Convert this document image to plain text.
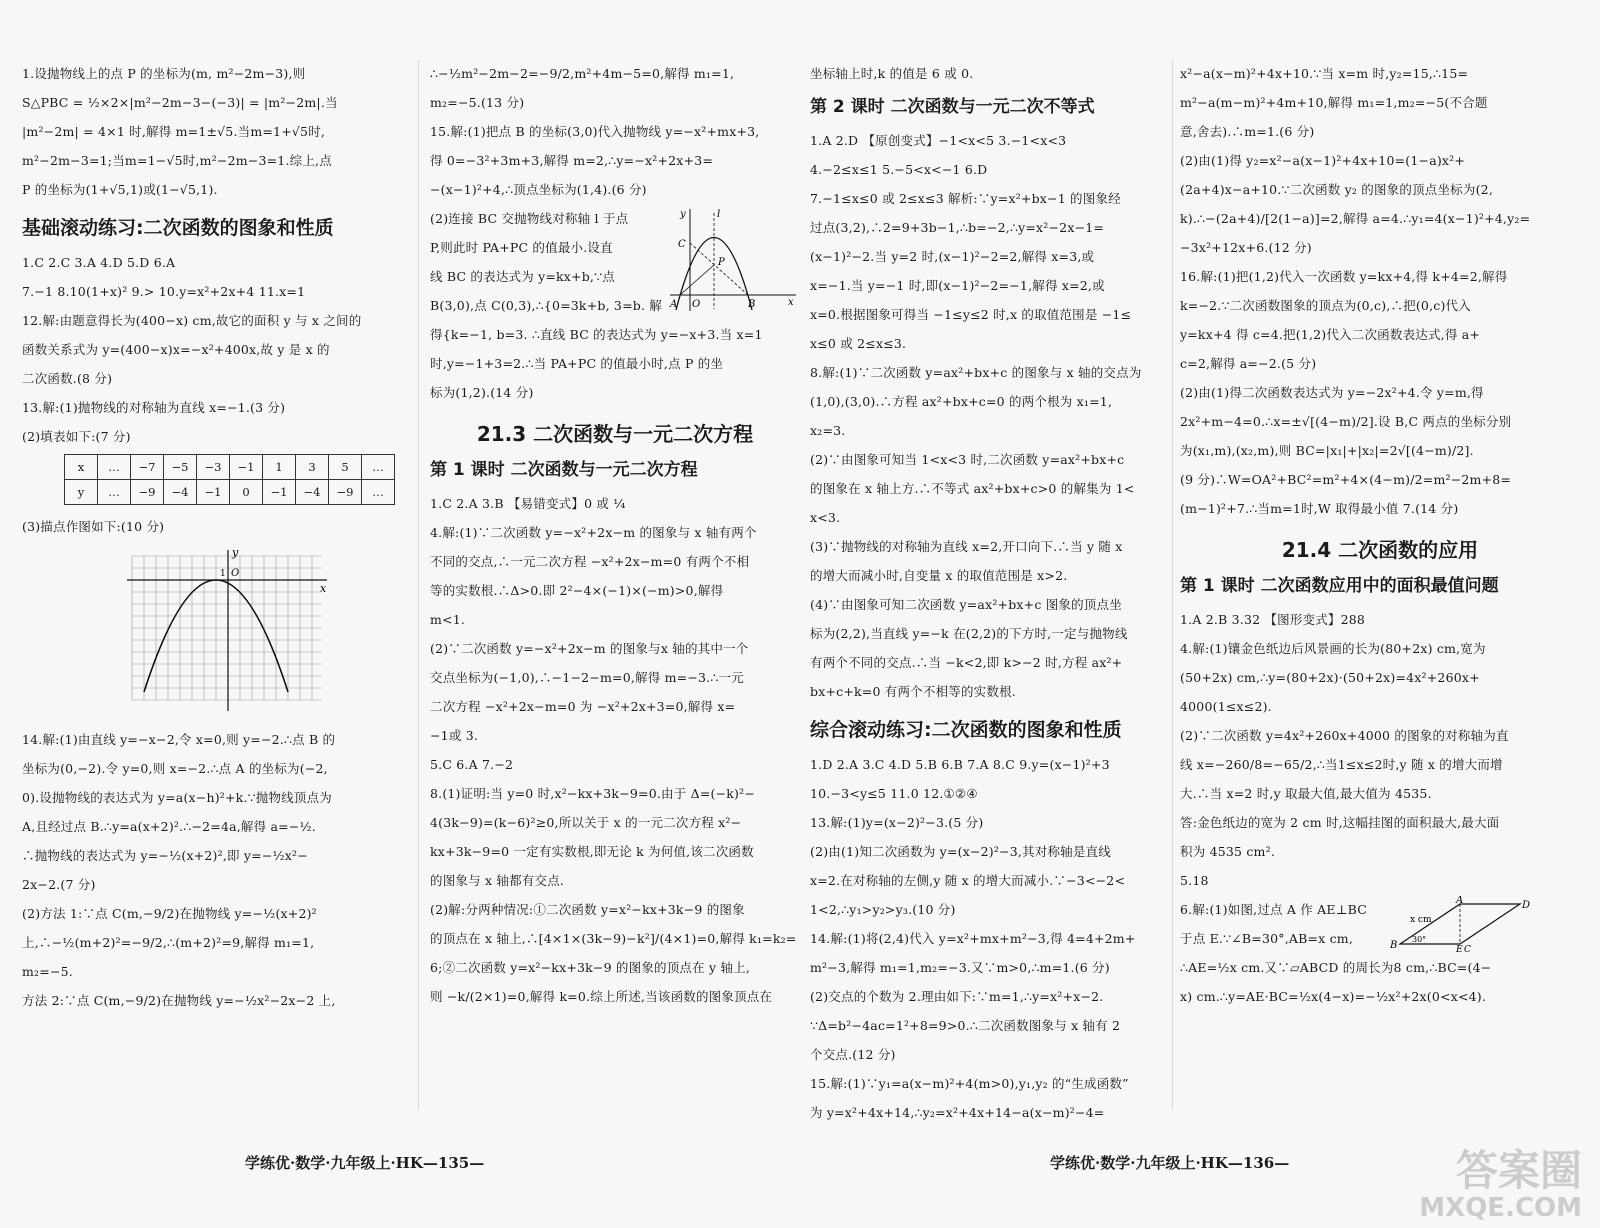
1.设抛物线上的点 P 的坐标为(m, m²−2m−3),则

S△PBC = ½×2×|m²−2m−3−(−3)| = |m²−2m|.当

|m²−2m| = 4×1 时,解得 m=1±√5.当m=1+√5时,

m²−2m−3=1;当m=1−√5时,m²−2m−3=1.综上,点

P 的坐标为(1+√5,1)或(1−√5,1).

基础滚动练习:二次函数的图象和性质

1.C 2.C 3.A 4.D 5.D 6.A

7.−1 8.10(1+x)² 9.> 10.y=x²+2x+4 11.x=1

12.解:由题意得长为(400−x) cm,故它的面积 y 与 x 之间的

函数关系式为 y=(400−x)x=−x²+400x,故 y 是 x 的

二次函数.(8 分)

13.解:(1)抛物线的对称轴为直线 x=−1.(3 分)

(2)填表如下:(7 分)

x	…	−7	−5	−3	−1	1	3	5	…
y	…	−9	−4	−1	0	−1	−4	−9	…

(3)描点作图如下:(10 分)

y
x
O
1

14.解:(1)由直线 y=−x−2,令 x=0,则 y=−2.∴点 B 的

坐标为(0,−2).令 y=0,则 x=−2.∴点 A 的坐标为(−2,

0).设抛物线的表达式为 y=a(x−h)²+k.∵抛物线顶点为

A,且经过点 B.∴y=a(x+2)².∴−2=4a,解得 a=−½.

∴抛物线的表达式为 y=−½(x+2)²,即 y=−½x²−

2x−2.(7 分)

(2)方法 1:∵点 C(m,−9/2)在抛物线 y=−½(x+2)²

上,∴−½(m+2)²=−9/2,∴(m+2)²=9,解得 m₁=1,

m₂=−5.

方法 2:∵点 C(m,−9/2)在抛物线 y=−½x²−2x−2 上,

∴−½m²−2m−2=−9/2,m²+4m−5=0,解得 m₁=1,

m₂=−5.(13 分)

15.解:(1)把点 B 的坐标(3,0)代入抛物线 y=−x²+mx+3,

得 0=−3²+3m+3,解得 m=2,∴y=−x²+2x+3=

−(x−1)²+4,∴顶点坐标为(1,4).(6 分)

(2)连接 BC 交抛物线对称轴 l 于点

P,则此时 PA+PC 的值最小.设直

线 BC 的表达式为 y=kx+b,∵点

B(3,0),点 C(0,3),∴{0=3k+b, 3=b. 解

y	l
C
P
A O	B	x

得{k=−1, b=3. ∴直线 BC 的表达式为 y=−x+3.当 x=1

时,y=−1+3=2.∴当 PA+PC 的值最小时,点 P 的坐

标为(1,2).(14 分)

21.3 二次函数与一元二次方程
第 1 课时 二次函数与一元二次方程

1.C 2.A 3.B 【易错变式】0 或 ¼

4.解:(1)∵二次函数 y=−x²+2x−m 的图象与 x 轴有两个

不同的交点,∴一元二次方程 −x²+2x−m=0 有两个不相

等的实数根.∴Δ>0.即 2²−4×(−1)×(−m)>0,解得

m<1.

(2)∵二次函数 y=−x²+2x−m 的图象与x 轴的其中一个

交点坐标为(−1,0),∴−1−2−m=0,解得 m=−3.∴一元

二次方程 −x²+2x−m=0 为 −x²+2x+3=0,解得 x=

−1或 3.

5.C 6.A 7.−2

8.(1)证明:当 y=0 时,x²−kx+3k−9=0.由于 Δ=(−k)²−

4(3k−9)=(k−6)²≥0,所以关于 x 的一元二次方程 x²−

kx+3k−9=0 一定有实数根,即无论 k 为何值,该二次函数

的图象与 x 轴都有交点.

(2)解:分两种情况:①二次函数 y=x²−kx+3k−9 的图象

的顶点在 x 轴上,∴[4×1×(3k−9)−k²]/(4×1)=0,解得 k₁=k₂=

6;②二次函数 y=x²−kx+3k−9 的图象的顶点在 y 轴上,

则 −k/(2×1)=0,解得 k=0.综上所述,当该函数的图象顶点在

坐标轴上时,k 的值是 6 或 0.

第 2 课时 二次函数与一元二次不等式

1.A 2.D 【原创变式】−1<x<5 3.−1<x<3

4.−2≤x≤1 5.−5<x<−1 6.D

7.−1≤x≤0 或 2≤x≤3 解析:∵y=x²+bx−1 的图象经

过点(3,2),∴2=9+3b−1,∴b=−2,∴y=x²−2x−1=

(x−1)²−2.当 y=2 时,(x−1)²−2=2,解得 x=3,或

x=−1.当 y=−1 时,即(x−1)²−2=−1,解得 x=2,或

x=0.根据图象可得当 −1≤y≤2 时,x 的取值范围是 −1≤

x≤0 或 2≤x≤3.

8.解:(1)∵二次函数 y=ax²+bx+c 的图象与 x 轴的交点为

(1,0),(3,0).∴方程 ax²+bx+c=0 的两个根为 x₁=1,

x₂=3.

(2)∵由图象可知当 1<x<3 时,二次函数 y=ax²+bx+c

的图象在 x 轴上方.∴不等式 ax²+bx+c>0 的解集为 1<

x<3.

(3)∵抛物线的对称轴为直线 x=2,开口向下.∴当 y 随 x

的增大而减小时,自变量 x 的取值范围是 x>2.

(4)∵由图象可知二次函数 y=ax²+bx+c 图象的顶点坐

标为(2,2),当直线 y=−k 在(2,2)的下方时,一定与抛物线

有两个不同的交点.∴当 −k<2,即 k>−2 时,方程 ax²+

bx+c+k=0 有两个不相等的实数根.

综合滚动练习:二次函数的图象和性质

1.D 2.A 3.C 4.D 5.B 6.B 7.A 8.C 9.y=(x−1)²+3

10.−3<y≤5 11.0 12.①②④

13.解:(1)y=(x−2)²−3.(5 分)

(2)由(1)知二次函数为 y=(x−2)²−3,其对称轴是直线

x=2.在对称轴的左侧,y 随 x 的增大而减小.∵−3<−2<

1<2,∴y₁>y₂>y₃.(10 分)

14.解:(1)将(2,4)代入 y=x²+mx+m²−3,得 4=4+2m+

m²−3,解得 m₁=1,m₂=−3.又∵m>0,∴m=1.(6 分)

(2)交点的个数为 2.理由如下:∵m=1,∴y=x²+x−2.

∵Δ=b²−4ac=1²+8=9>0.∴二次函数图象与 x 轴有 2

个交点.(12 分)

15.解:(1)∵y₁=a(x−m)²+4(m>0),y₁,y₂ 的“生成函数”

为 y=x²+4x+14,∴y₂=x²+4x+14−a(x−m)²−4=

x²−a(x−m)²+4x+10.∵当 x=m 时,y₂=15,∴15=

m²−a(m−m)²+4m+10,解得 m₁=1,m₂=−5(不合题

意,舍去).∴m=1.(6 分)

(2)由(1)得 y₂=x²−a(x−1)²+4x+10=(1−a)x²+

(2a+4)x−a+10.∵二次函数 y₂ 的图象的顶点坐标为(2,

k).∴−(2a+4)/[2(1−a)]=2,解得 a=4.∴y₁=4(x−1)²+4,y₂=

−3x²+12x+6.(12 分)

16.解:(1)把(1,2)代入一次函数 y=kx+4,得 k+4=2,解得

k=−2.∵二次函数图象的顶点为(0,c),∴把(0,c)代入

y=kx+4 得 c=4.把(1,2)代入二次函数表达式,得 a+

c=2,解得 a=−2.(5 分)

(2)由(1)得二次函数表达式为 y=−2x²+4.令 y=m,得

2x²+m−4=0.∴x=±√[(4−m)/2].设 B,C 两点的坐标分别

为(x₁,m),(x₂,m),则 BC=|x₁|+|x₂|=2√[(4−m)/2].

(9 分)∴W=OA²+BC²=m²+4×(4−m)/2=m²−2m+8=

(m−1)²+7.∴当m=1时,W 取得最小值 7.(14 分)

21.4 二次函数的应用
第 1 课时 二次函数应用中的面积最值问题

1.A 2.B 3.32 【图形变式】288

4.解:(1)镶金色纸边后风景画的长为(80+2x) cm,宽为

(50+2x) cm,∴y=(80+2x)·(50+2x)=4x²+260x+

4000(1≤x≤2).

(2)∵二次函数 y=4x²+260x+4000 的图象的对称轴为直

线 x=−260/8=−65/2,∴当1≤x≤2时,y 随 x 的增大而增

大.∴当 x=2 时,y 取最大值,最大值为 4535.

答:金色纸边的宽为 2 cm 时,这幅挂图的面积最大,最大面

积为 4535 cm².

5.18

6.解:(1)如图,过点 A 作 AE⊥BC

于点 E.∵∠B=30°,AB=x cm,

A	D
B	E C
x cm
30°

∴AE=½x cm.又∵▱ABCD 的周长为8 cm,∴BC=(4−

x) cm.∴y=AE·BC=½x(4−x)=−½x²+2x(0<x<4).

学练优·数学·九年级上·HK—135—	学练优·数学·九年级上·HK—136—	答案圈
MXQE.COM
